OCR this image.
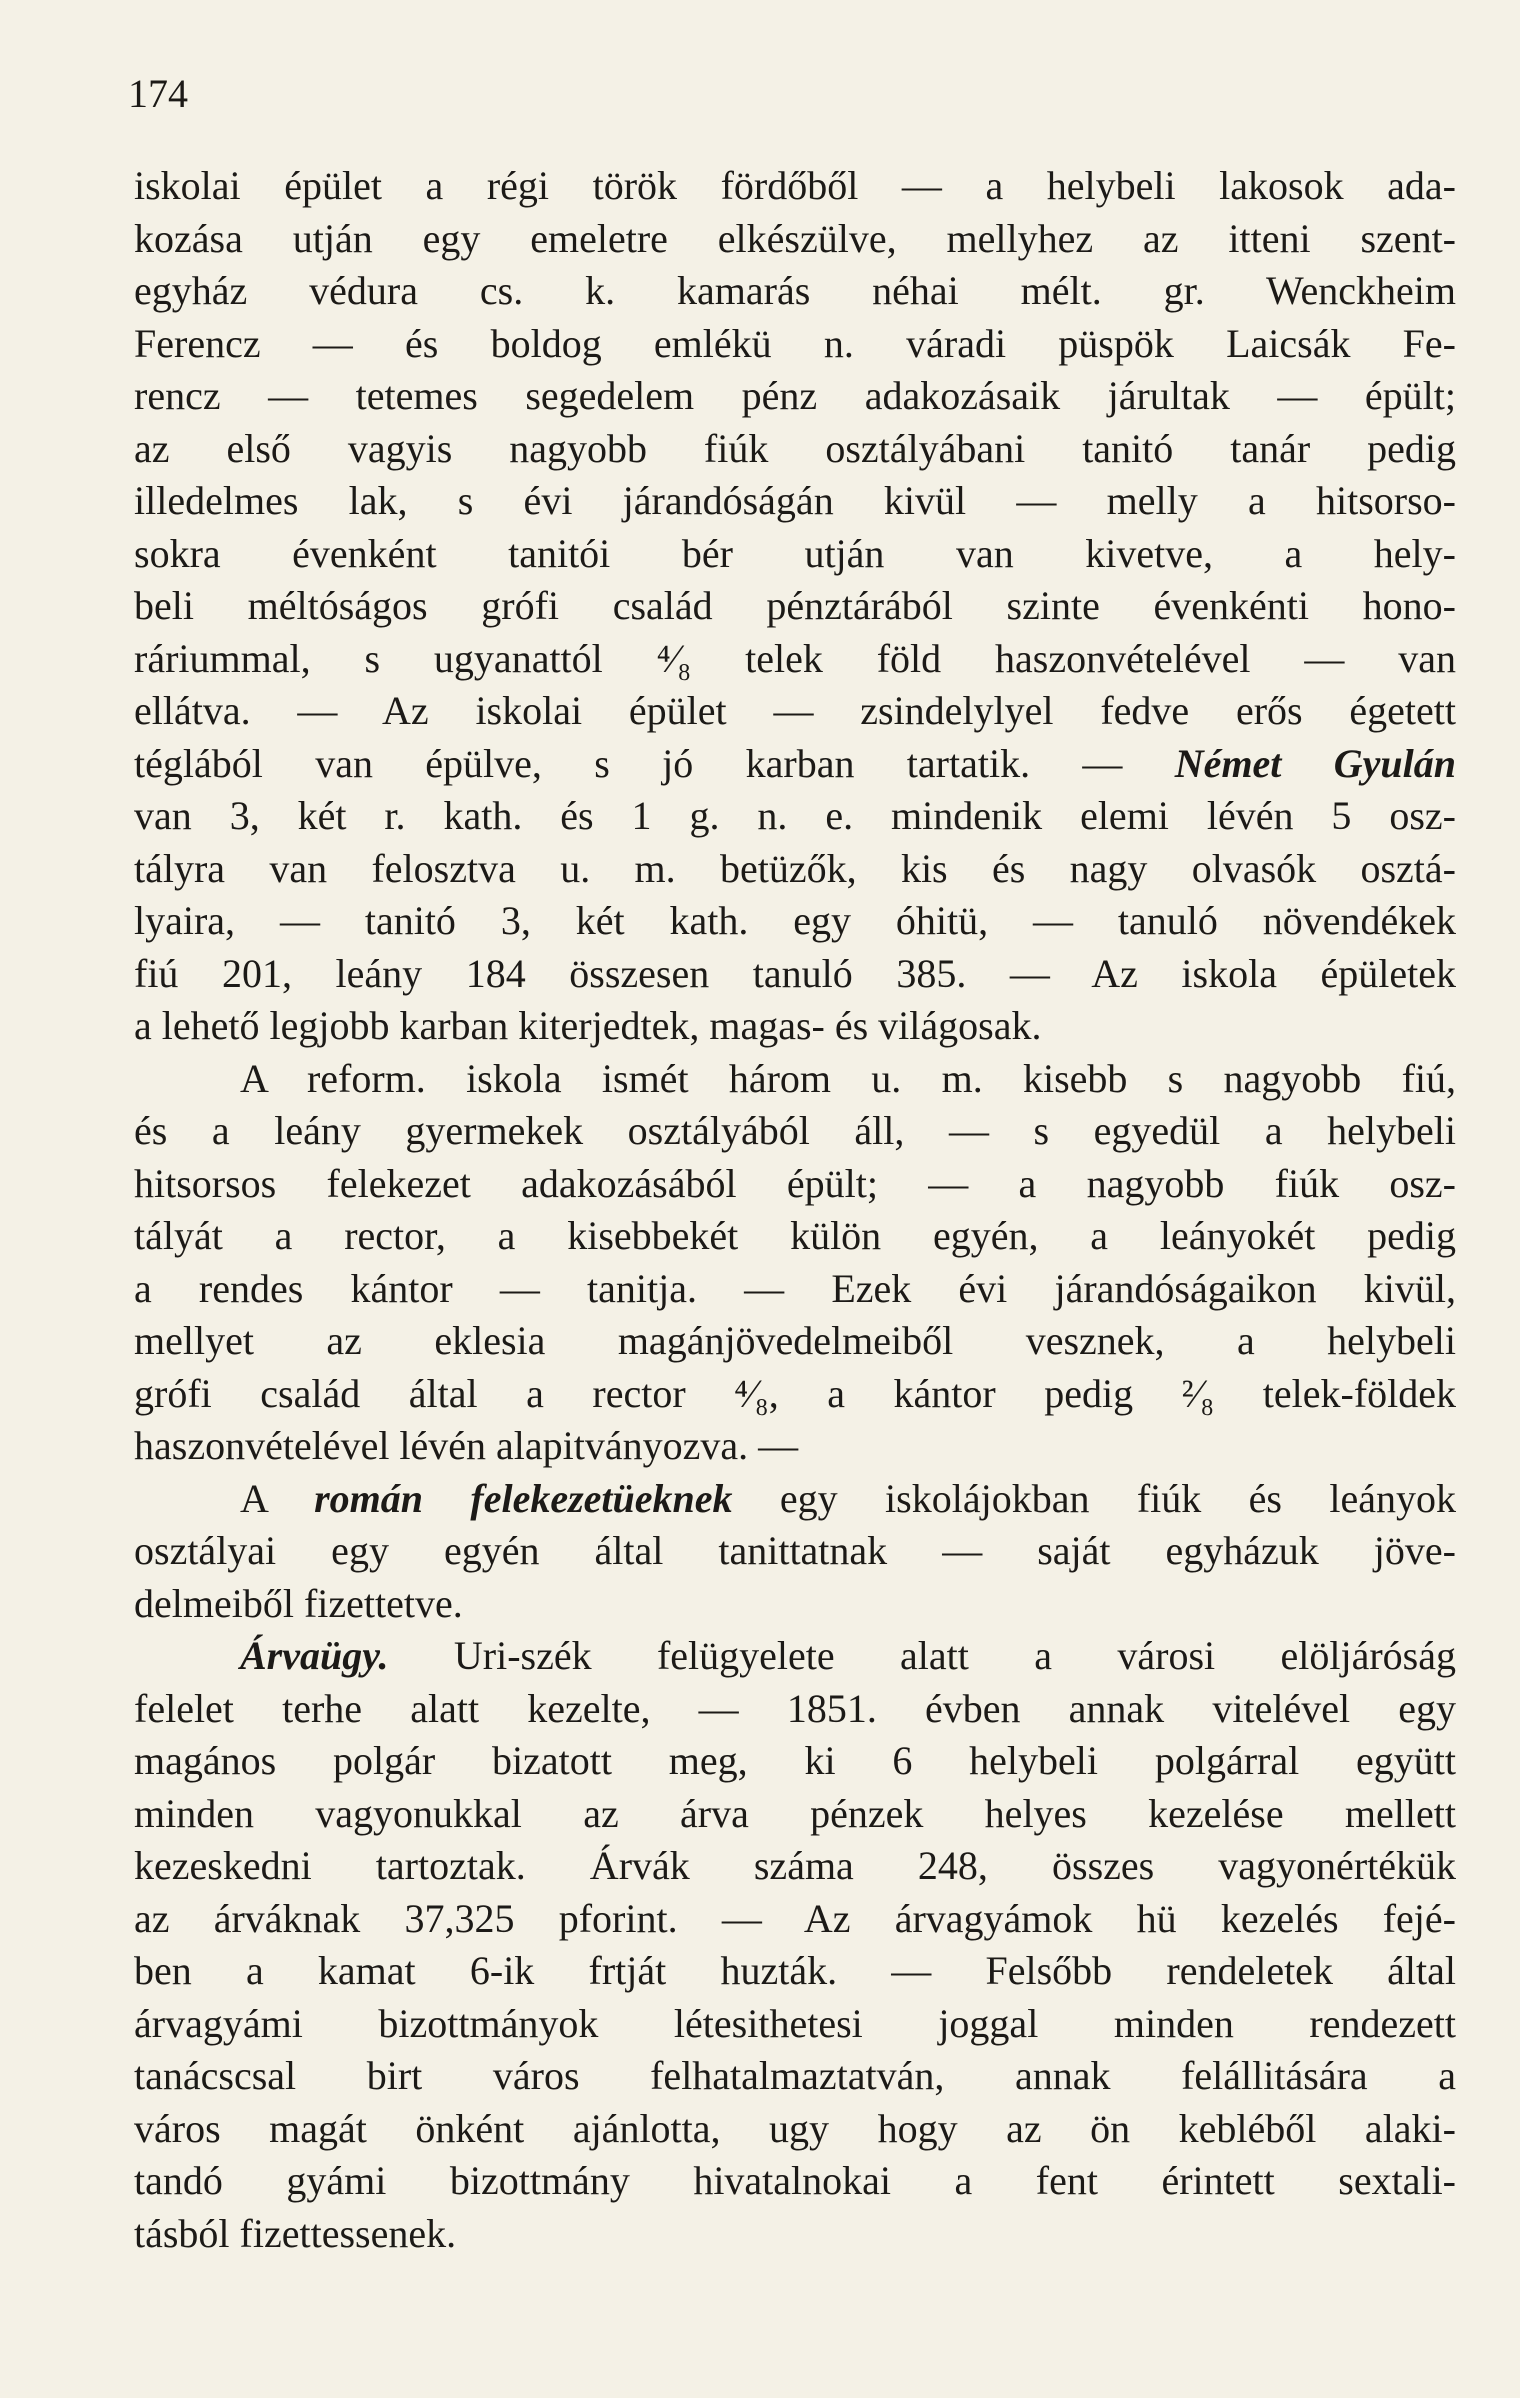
174
iskolai épület a régi török fördőből — a helybeli lakosok ada-
kozása utján egy emeletre elkészülve, mellyhez az itteni szent-
egyház védura cs. k. kamarás néhai mélt. gr. Wenckheim
Ferencz — és boldog emlékü n. váradi püspök Laicsák Fe-
rencz — tetemes segedelem pénz adakozásaik járultak — épült;
az első vagyis nagyobb fiúk osztályábani tanitó tanár pedig
illedelmes lak, s évi járandóságán kivül — melly a hitsorso-
sokra évenként tanitói bér utján van kivetve, a hely-
beli méltóságos grófi család pénztárából szinte évenkénti hono-
ráriummal, s ugyanattól ⁴⁄₈ telek föld haszonvételével — van
ellátva. — Az iskolai épület — zsindelylyel fedve erős égetett
téglából van épülve, s jó karban tartatik. — Német Gyulán
van 3, két r. kath. és 1 g. n. e. mindenik elemi lévén 5 osz-
tályra van felosztva u. m. betüzők, kis és nagy olvasók osztá-
lyaira, — tanitó 3, két kath. egy óhitü, — tanuló növendékek
fiú 201, leány 184 összesen tanuló 385. — Az iskola épületek
a lehető legjobb karban kiterjedtek, magas- és világosak.
A reform. iskola ismét három u. m. kisebb s nagyobb fiú,
és a leány gyermekek osztályából áll, — s egyedül a helybeli
hitsorsos felekezet adakozásából épült; — a nagyobb fiúk osz-
tályát a rector, a kisebbekét külön egyén, a leányokét pedig
a rendes kántor — tanitja. — Ezek évi járandóságaikon kivül,
mellyet az eklesia magánjövedelmeiből vesznek, a helybeli
grófi család által a rector ⁴⁄₈, a kántor pedig ²⁄₈ telek-földek
haszonvételével lévén alapitványozva. —
A román felekezetüeknek egy iskolájokban fiúk és leányok
osztályai egy egyén által tanittatnak — saját egyházuk jöve-
delmeiből fizettetve.
Árvaügy. Uri-szék felügyelete alatt a városi elöljáróság
felelet terhe alatt kezelte, — 1851. évben annak vitelével egy
magános polgár bizatott meg, ki 6 helybeli polgárral együtt
minden vagyonukkal az árva pénzek helyes kezelése mellett
kezeskedni tartoztak. Árvák száma 248, összes vagyonértékük
az árváknak 37,325 pforint. — Az árvagyámok hü kezelés fejé-
ben a kamat 6-ik frtját huzták. — Felsőbb rendeletek által
árvagyámi bizottmányok létesithetesi joggal minden rendezett
tanácscsal birt város felhatalmaztatván, annak felállitására a
város magát önként ajánlotta, ugy hogy az ön kebléből alaki-
tandó gyámi bizottmány hivatalnokai a fent érintett sextali-
tásból fizettessenek.
